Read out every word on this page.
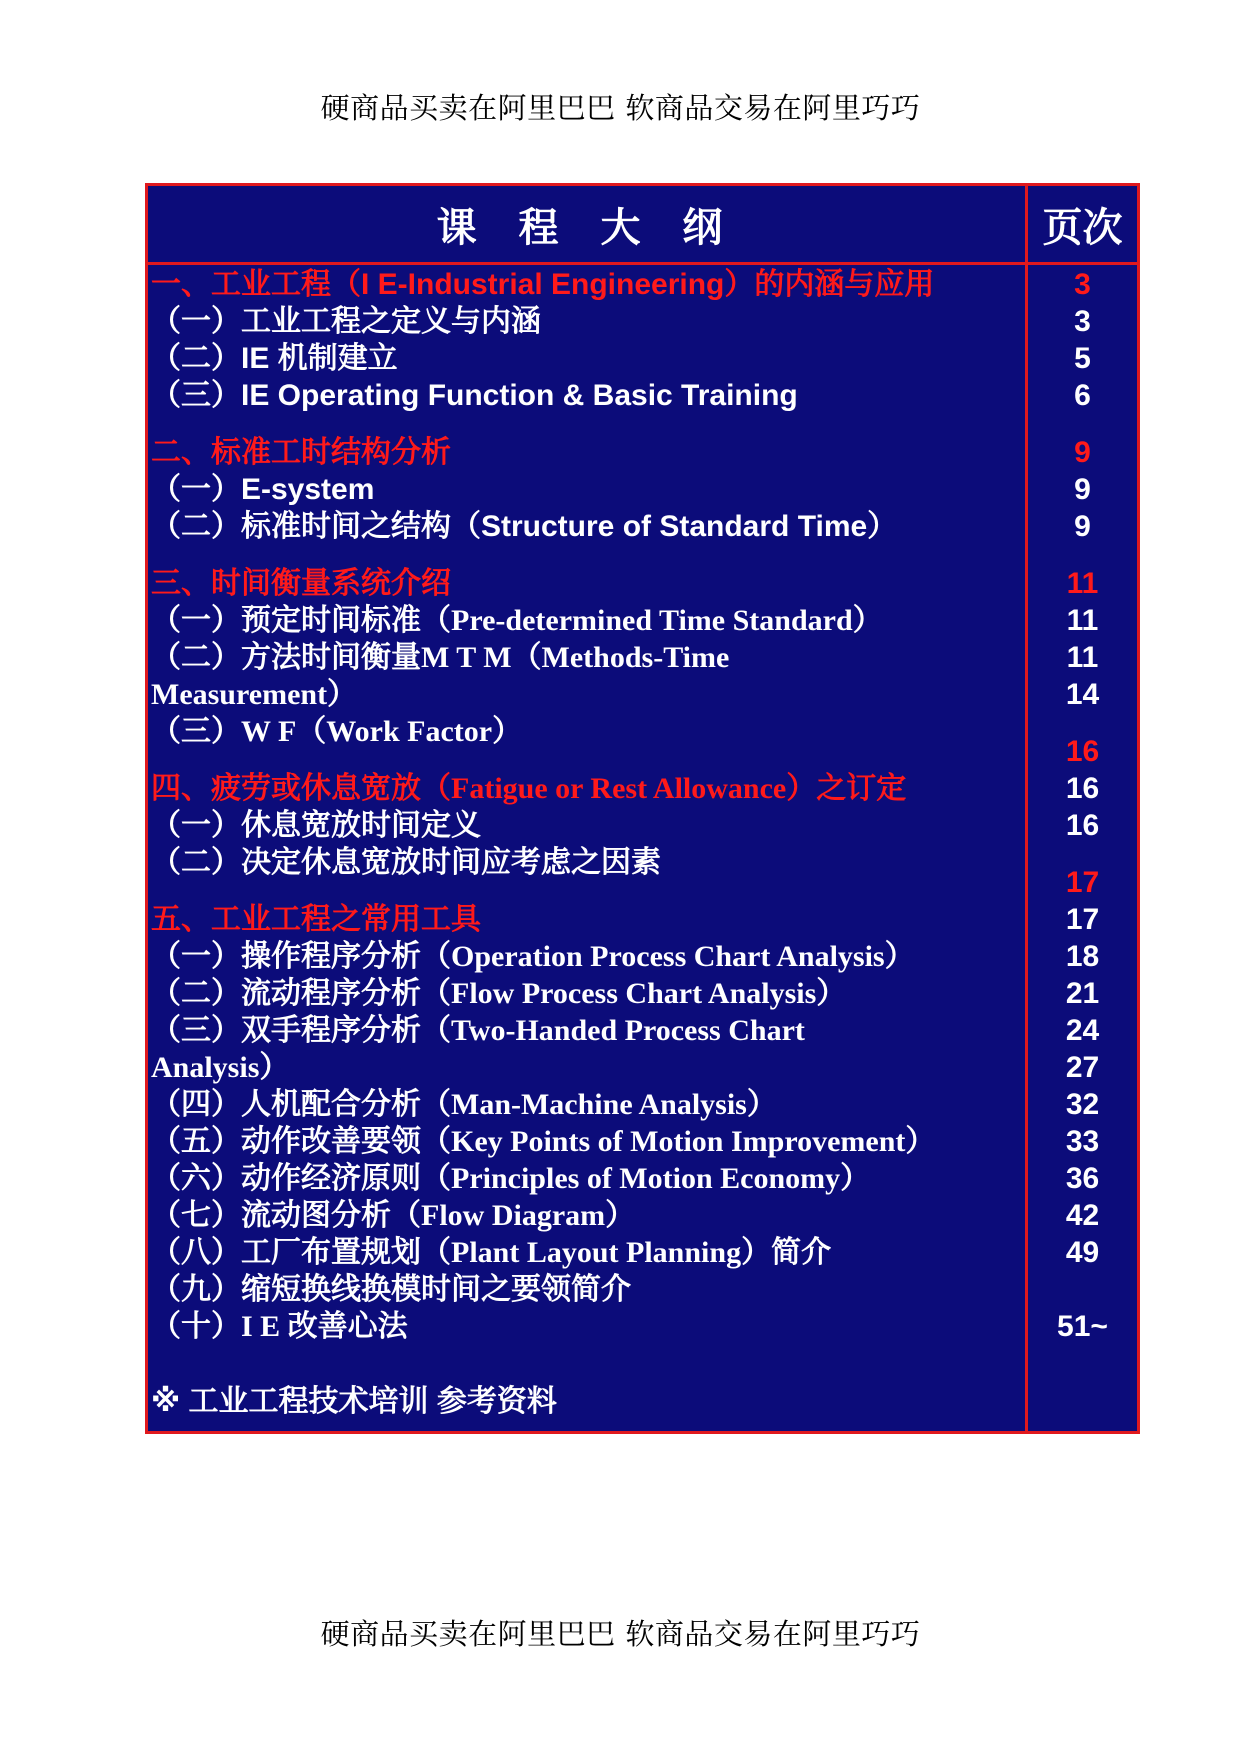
硬商品买卖在阿里巴巴 软商品交易在阿里巧巧
课 程 大 纲	页次
一、工业工程（I E-Industrial Engineering）的内涵与应用
（一）工业工程之定义与内涵
（二）IE 机制建立
（三）IE Operating Function & Basic Training
二、标准工时结构分析
（一）E-system
（二）标准时间之结构（Structure of Standard Time）
三、时间衡量系统介绍
（一）预定时间标准（Pre-determined Time Standard）
（二）方法时间衡量M T M（Methods-Time
Measurement）
（三）W F（Work Factor）
四、疲劳或休息宽放（Fatigue or Rest Allowance）之订定
（一）休息宽放时间定义
（二）决定休息宽放时间应考虑之因素
五、工业工程之常用工具
（一）操作程序分析（Operation Process Chart Analysis）
（二）流动程序分析（Flow Process Chart Analysis）
（三）双手程序分析（Two-Handed Process Chart
Analysis）
（四）人机配合分析（Man-Machine Analysis）
（五）动作改善要领（Key Points of Motion Improvement）
（六）动作经济原则（Principles of Motion Economy）
（七）流动图分析（Flow Diagram）
（八）工厂布置规划（Plant Layout Planning）简介
（九）缩短换线换模时间之要领简介
（十）I E 改善心法
※ 工业工程技术培训 参考资料
3
3
5
6
9
9
9
11
11
11
14
16
16
16
17
17
18
21
24
27
32
33
36
42
49
51~
硬商品买卖在阿里巴巴 软商品交易在阿里巧巧
